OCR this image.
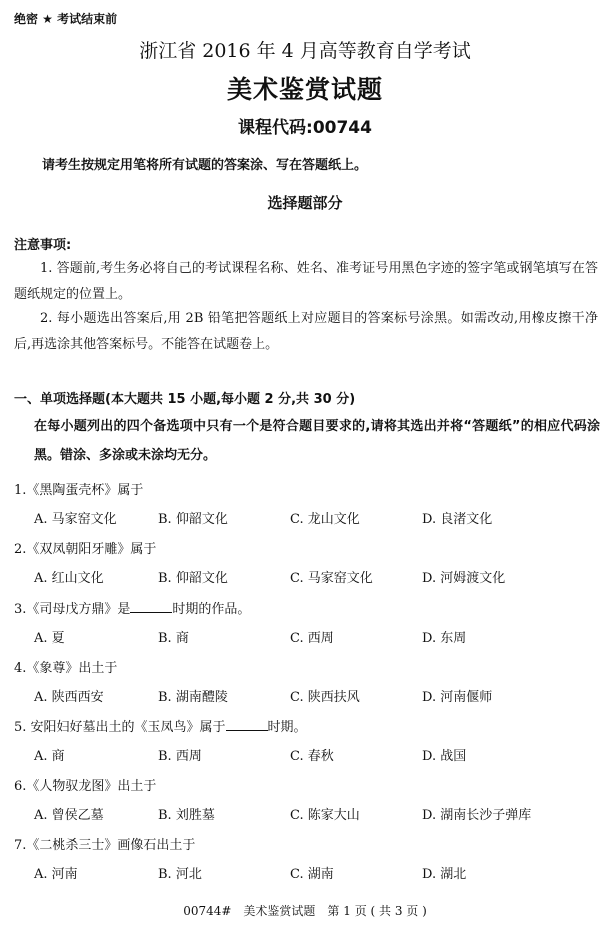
绝密 ★ 考试结束前
浙江省 2016 年 4 月高等教育自学考试
美术鉴赏试题
课程代码:00744
请考生按规定用笔将所有试题的答案涂、写在答题纸上。
选择题部分
注意事项:
1. 答题前,考生务必将自己的考试课程名称、姓名、准考证号用黑色字迹的签字笔或钢笔填写在答题纸规定的位置上。
2. 每小题选出答案后,用 2B 铅笔把答题纸上对应题目的答案标号涂黑。如需改动,用橡皮擦干净后,再选涂其他答案标号。不能答在试题卷上。
一、单项选择题(本大题共 15 小题,每小题 2 分,共 30 分)
在每小题列出的四个备选项中只有一个是符合题目要求的,请将其选出并将“答题纸”的相应代码涂黑。错涂、多涂或未涂均无分。
1.《黑陶蛋壳杯》属于
A. 马家窑文化	B. 仰韶文化	C. 龙山文化	D. 良渚文化
2.《双凤朝阳牙雕》属于
A. 红山文化	B. 仰韶文化	C. 马家窑文化	D. 河姆渡文化
3.《司母戊方鼎》是	时期的作品。
A. 夏	B. 商	C. 西周	D. 东周
4.《象尊》出土于
A. 陕西西安	B. 湖南醴陵	C. 陕西扶风	D. 河南偃师
5. 安阳妇好墓出土的《玉凤鸟》属于	时期。
A. 商	B. 西周	C. 春秋	D. 战国
6.《人物驭龙图》出土于
A. 曾侯乙墓	B. 刘胜墓	C. 陈家大山	D. 湖南长沙子弹库
7.《二桃杀三士》画像石出土于
A. 河南	B. 河北	C. 湖南	D. 湖北
00744#　美术鉴赏试题　第 1 页 ( 共 3 页 )
